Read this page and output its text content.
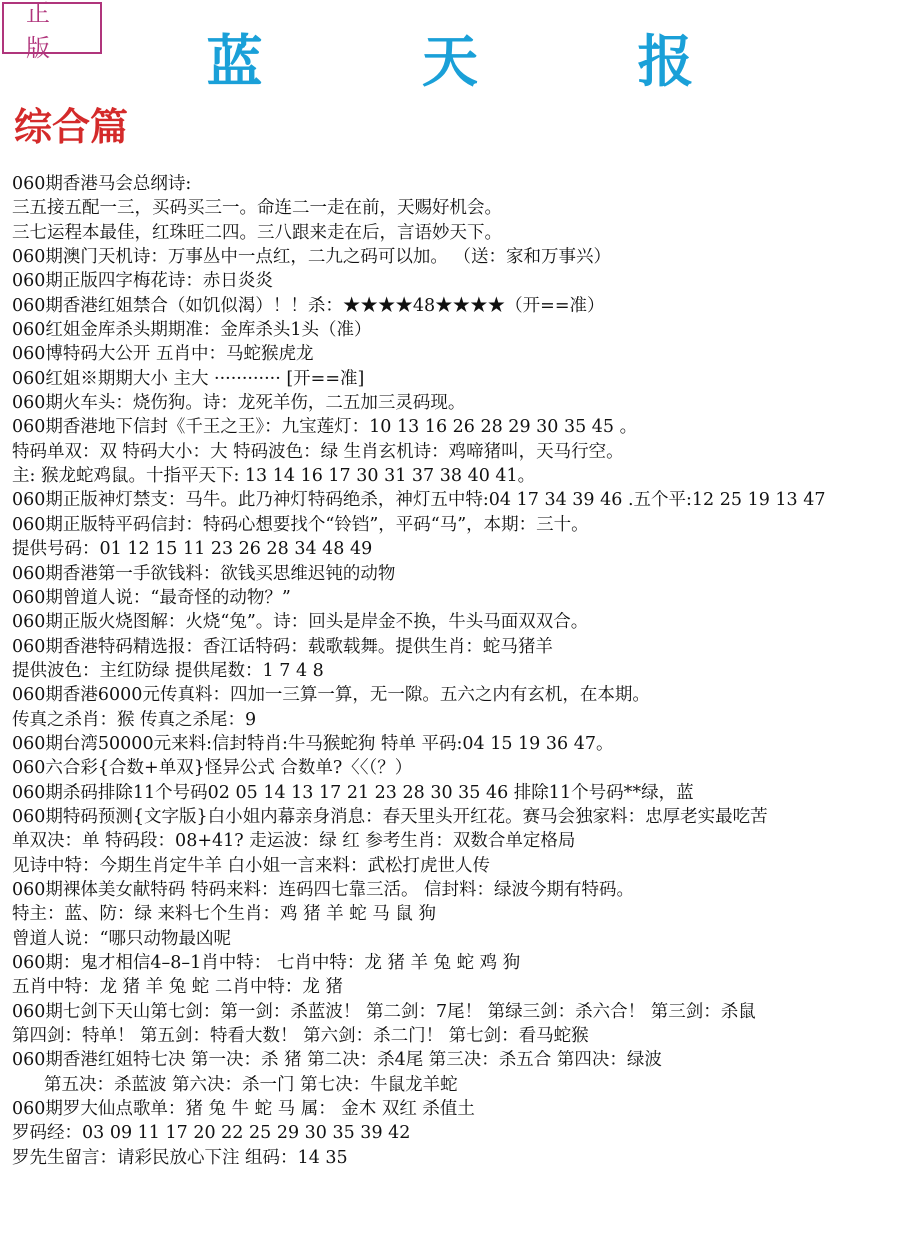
正 版	蓝 天 报
综合篇
060期香港马会总纲诗:
三五接五配一三，买码买三一。命连二一走在前，天赐好机会。
三七运程本最佳，红珠旺二四。三八跟来走在后，言语妙天下。
060期澳门天机诗：万事丛中一点红，二九之码可以加。 （送：家和万事兴）
060期正版四字梅花诗：赤日炎炎
060期香港红姐禁合（如饥似渴）！！杀：★★★★48★★★★（开==准）
060红姐金库杀头期期准：金库杀头1头（准）
060博特码大公开 五肖中：马蛇猴虎龙
060红姐※期期大小 主大 ············ [开==准]
060期火车头：烧伤狗。诗：龙死羊伤，二五加三灵码现。
060期香港地下信封《千王之王》：九宝莲灯：10 13 16 26 28 29 30 35 45 。
特码单双：双 特码大小：大 特码波色：绿 生肖玄机诗：鸡啼猪叫，天马行空。
主: 猴龙蛇鸡鼠。十指平天下: 13 14 16 17 30 31 37 38 40 41。
060期正版神灯禁支：马牛。此乃神灯特码绝杀，神灯五中特:04 17 34 39 46 .五个平:12 25 19 13 47
060期正版特平码信封：特码心想要找个“铃铛”，平码“马”，本期：三十。
提供号码：01 12 15 11 23 26 28 34 48 49
060期香港第一手欲钱料：欲钱买思维迟钝的动物
060期曾道人说：“最奇怪的动物？”
060期正版火烧图解：火烧“兔”。诗：回头是岸金不换，牛头马面双双合。
060期香港特码精选报：香江话特码：载歌载舞。提供生肖：蛇马猪羊
提供波色：主红防绿 提供尾数：1 7 4 8
060期香港6000元传真料：四加一三算一算，无一隙。五六之内有玄机，在本期。
传真之杀肖：猴 传真之杀尾：9
060期台湾50000元来料:信封特肖:牛马猴蛇狗 特单 平码:04 15 19 36 47。
060六合彩{合数+单双}怪异公式 合数单?〈〈（？）
060期杀码排除11个号码02 05 14 13 17 21 23 28 30 35 46 排除11个号码**绿，蓝
060期特码预测{文字版}白小姐内幕亲身消息：春天里头开红花。赛马会独家料：忠厚老实最吃苦
单双决：单 特码段：08+41? 走运波：绿 红 参考生肖：双数合单定格局
见诗中特：今期生肖定牛羊 白小姐一言来料：武松打虎世人传
060期裸体美女献特码 特码来料：连码四七靠三活。 信封料：绿波今期有特码。
特主：蓝、防：绿 来料七个生肖：鸡 猪 羊 蛇 马 鼠 狗
曾道人说：“哪只动物最凶呢
060期：鬼才相信4–8–1肖中特： 七肖中特：龙 猪 羊 兔 蛇 鸡 狗
五肖中特：龙 猪 羊 兔 蛇 二肖中特：龙 猪
060期七剑下天山第七剑：第一剑：杀蓝波！ 第二剑：7尾！ 第绿三剑：杀六合！ 第三剑：杀鼠
第四剑：特单！ 第五剑：特看大数！ 第六剑：杀二门！ 第七剑：看马蛇猴
060期香港红姐特七决 第一决：杀 猪 第二决：杀4尾 第三决：杀五合 第四决：绿波
第五决：杀蓝波 第六决：杀一门 第七决：牛鼠龙羊蛇
060期罗大仙点歌单：猪 兔 牛 蛇 马 属： 金木 双红 杀值土
罗码经：03 09 11 17 20 22 25 29 30 35 39 42
罗先生留言：请彩民放心下注 组码：14 35
